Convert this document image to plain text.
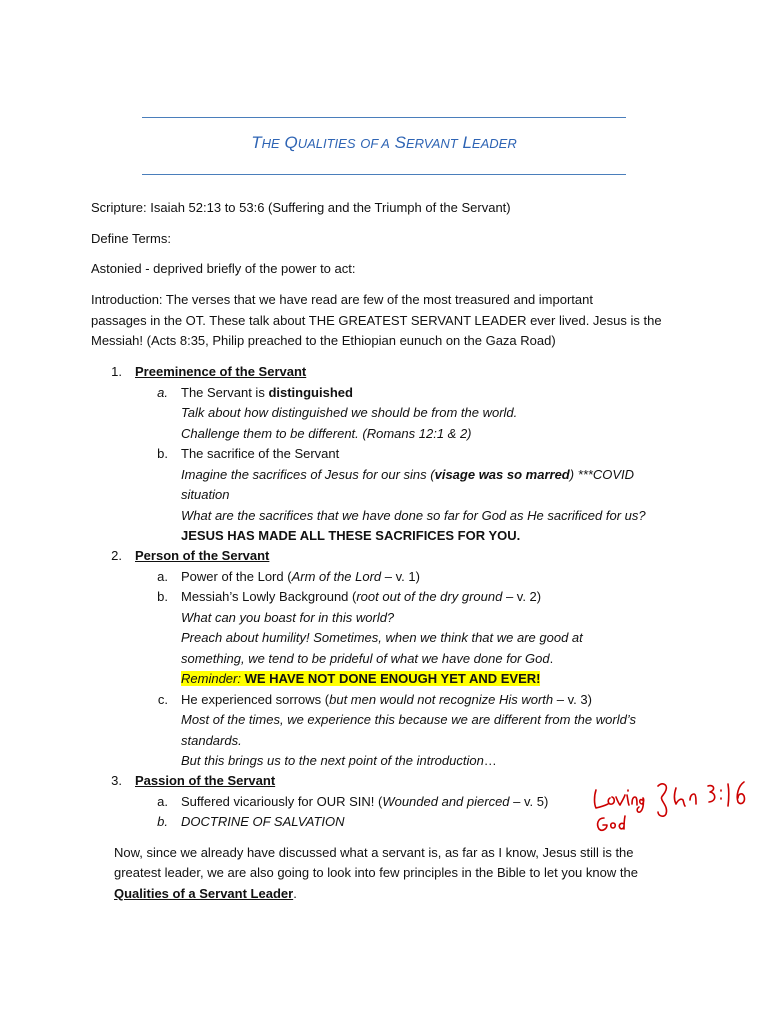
THE QUALITIES OF A SERVANT LEADER
Scripture: Isaiah 52:13 to 53:6 (Suffering and the Triumph of the Servant)
Define Terms:
Astonied - deprived briefly of the power to act:
Introduction: The verses that we have read are few of the most treasured and important
passages in the OT. These talk about THE GREATEST SERVANT LEADER ever lived. Jesus is the
Messiah! (Acts 8:35, Philip preached to the Ethiopian eunuch on the Gaza Road)
1. Preeminence of the Servant
a. The Servant is distinguished
Talk about how distinguished we should be from the world.
Challenge them to be different. (Romans 12:1 & 2)
b. The sacrifice of the Servant
Imagine the sacrifices of Jesus for our sins (visage was so marred) ***COVID
situation
What are the sacrifices that we have done so far for God as He sacrificed for us?
JESUS HAS MADE ALL THESE SACRIFICES FOR YOU.
2. Person of the Servant
a. Power of the Lord (Arm of the Lord – v. 1)
b. Messiah’s Lowly Background (root out of the dry ground – v. 2)
What can you boast for in this world?
Preach about humility! Sometimes, when we think that we are good at
something, we tend to be prideful of what we have done for God.
Reminder: WE HAVE NOT DONE ENOUGH YET AND EVER!
c. He experienced sorrows (but men would not recognize His worth – v. 3)
Most of the times, we experience this because we are different from the world’s
standards.
But this brings us to the next point of the introduction…
3. Passion of the Servant
a. Suffered vicariously for OUR SIN! (Wounded and pierced – v. 5)
b. DOCTRINE OF SALVATION
Now, since we already have discussed what a servant is, as far as I know, Jesus still is the
greatest leader, we are also going to look into few principles in the Bible to let you know the
Qualities of a Servant Leader.
